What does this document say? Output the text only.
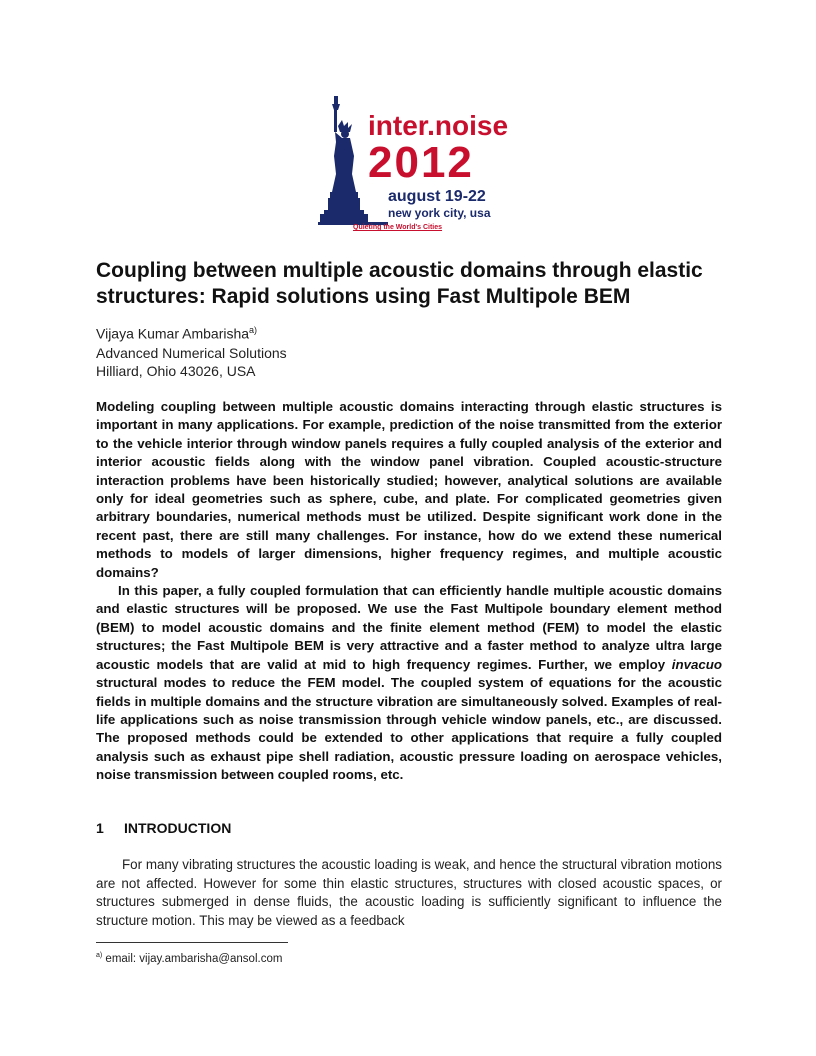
inter.noise
2012
august 19-22
new york city, usa
Quieting the World's Cities
Coupling between multiple acoustic domains through elastic structures: Rapid solutions using Fast Multipole BEM
Vijaya Kumar Ambarisha$^{a)}$
Advanced Numerical Solutions
Hilliard, Ohio 43026, USA

Modeling coupling between multiple acoustic domains interacting through elastic structures is important in many applications. For example, prediction of the noise transmitted from the exterior to the vehicle interior through window panels requires a fully coupled analysis of the exterior and interior acoustic fields along with the window panel vibration. Coupled acoustic-structure interaction problems have been historically studied; however, analytical solutions are available only for ideal geometries such as sphere, cube, and plate. For complicated geometries given arbitrary boundaries, numerical methods must be utilized. Despite significant work done in the recent past, there are still many challenges. For instance, how do we extend these numerical methods to models of larger dimensions, higher frequency regimes, and multiple acoustic domains?

In this paper, a fully coupled formulation that can efficiently handle multiple acoustic domains and elastic structures will be proposed. We use the Fast Multipole boundary element method (BEM) to model acoustic domains and the finite element method (FEM) to model the elastic structures; the Fast Multipole BEM is very attractive and a faster method to analyze ultra large acoustic models that are valid at mid to high frequency regimes. Further, we employ invacuo structural modes to reduce the FEM model. The coupled system of equations for the acoustic fields in multiple domains and the structure vibration are simultaneously solved. Examples of real-life applications such as noise transmission through vehicle window panels, etc., are discussed. The proposed methods could be extended to other applications that require a fully coupled analysis such as exhaust pipe shell radiation, acoustic pressure loading on aerospace vehicles, noise transmission between coupled rooms, etc.

1 INTRODUCTION
For many vibrating structures the acoustic loading is weak, and hence the structural vibration motions are not affected. However for some thin elastic structures, structures with closed acoustic spaces, or structures submerged in dense fluids, the acoustic loading is sufficiently significant to influence the structure motion. This may be viewed as a feedback
$^{a)}$ email: vijay.ambarisha@ansol.com
